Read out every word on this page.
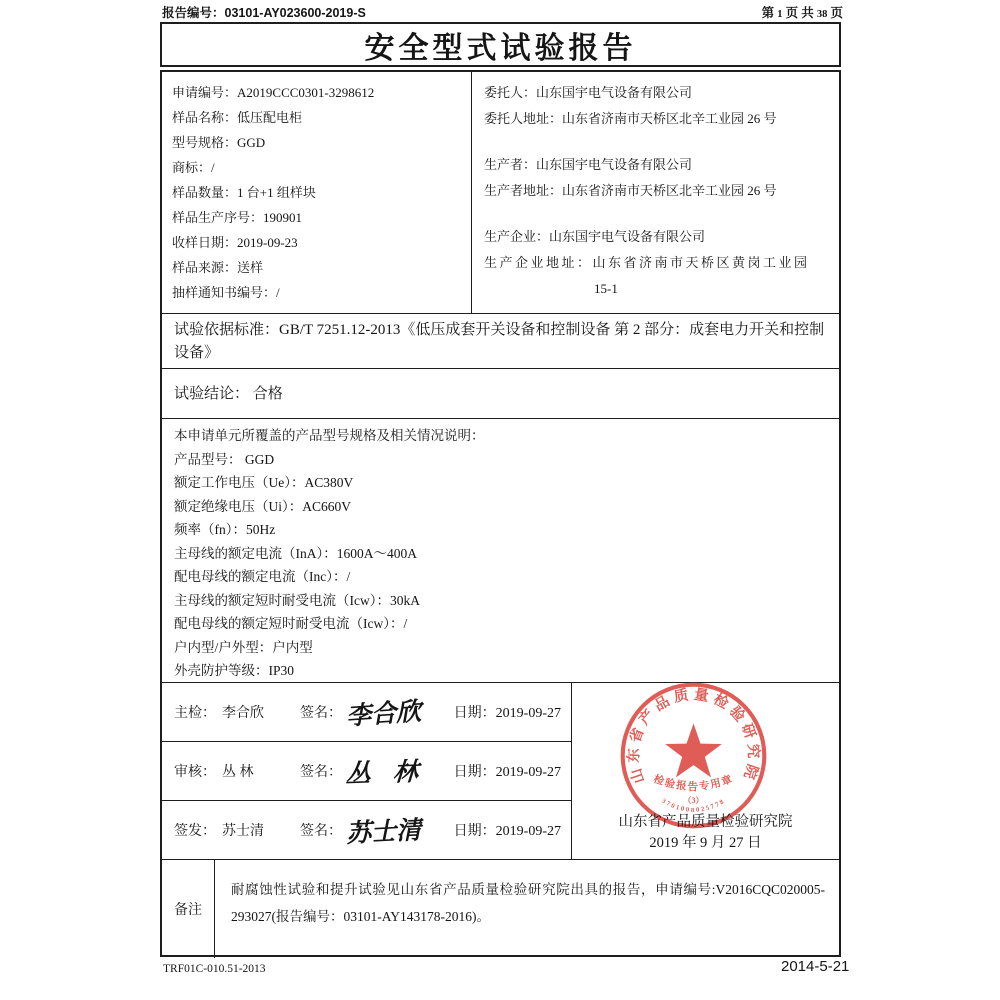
报告编号：03101-AY023600-2019-S	第 1 页 共 38 页
安全型式试验报告
申请编号：A2019CCC0301-3298612
样品名称：低压配电柜
型号规格：GGD
商标：/
样品数量：1 台+1 组样块
样品生产序号：190901
收样日期：2019-09-23
样品来源：送样
抽样通知书编号：/
委托人：山东国宇电气设备有限公司
委托人地址：山东省济南市天桥区北辛工业园 26 号
生产者：山东国宇电气设备有限公司
生产者地址：山东省济南市天桥区北辛工业园 26 号
生产企业：山东国宇电气设备有限公司
生产企业地址：山东省济南市天桥区黄岗工业园
15-1
试验依据标准：GB/T 7251.12-2013《低压成套开关设备和控制设备 第 2 部分：成套电力开关和控制设备》
试验结论： 合格
本申请单元所覆盖的产品型号规格及相关情况说明：
产品型号： GGD
额定工作电压（Ue）：AC380V
额定绝缘电压（Ui）：AC660V
频率（fn）：50Hz
主母线的额定电流（InA）：1600A～400A
配电母线的额定电流（Inc）：/
主母线的额定短时耐受电流（Icw）：30kA
配电母线的额定短时耐受电流（Icw）：/
户内型/户外型：户内型
外壳防护等级：IP30
主检： 李合欣	签名： 李合欣 日期：2019-09-27
审核： 丛 林	签名： 丛 林 日期：2019-09-27
签发： 苏士清	签名： 苏士清 日期：2019-09-27
山东省产品质量检验研究院
检验报告专用章
（3）
3701008025778
山东省产品质量检验研究院
2019 年 9 月 27 日
备注
耐腐蚀性试验和提升试验见山东省产品质量检验研究院出具的报告，申请编号:V2016CQC020005-293027(报告编号：03101-AY143178-2016)。
TRF01C-010.51-2013	2014-5-21
